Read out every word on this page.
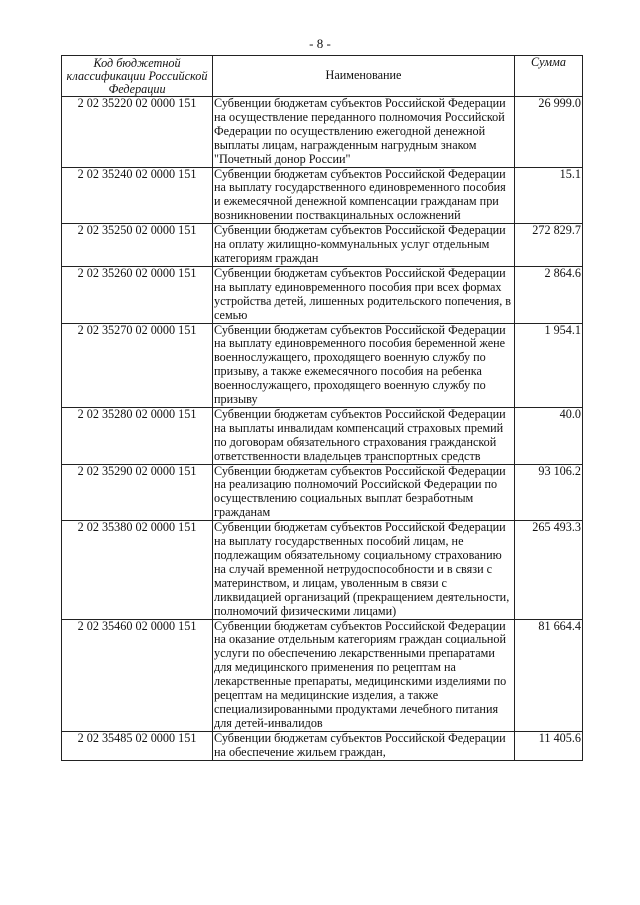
- 8 -
Код бюджетной классификации Российской Федерации	Наименование	Сумма
2 02 35220 02 0000 151	Субвенции бюджетам субъектов Российской Федерации на осуществление переданного полномочия Российской Федерации по осуществлению ежегодной денежной выплаты лицам, награжденным нагрудным знаком "Почетный донор России"	26 999.0
2 02 35240 02 0000 151	Субвенции бюджетам субъектов Российской Федерации на выплату государственного единовременного пособия и ежемесячной денежной компенсации гражданам при возникновении поствакцинальных осложнений	15.1
2 02 35250 02 0000 151	Субвенции бюджетам субъектов Российской Федерации на оплату жилищно-коммунальных услуг отдельным категориям граждан	272 829.7
2 02 35260 02 0000 151	Субвенции бюджетам субъектов Российской Федерации на выплату единовременного пособия при всех формах устройства детей, лишенных родительского попечения, в семью	2 864.6
2 02 35270 02 0000 151	Субвенции бюджетам субъектов Российской Федерации на выплату единовременного пособия беременной жене военнослужащего, проходящего военную службу по призыву, а также ежемесячного пособия на ребенка военнослужащего, проходящего военную службу по призыву	1 954.1
2 02 35280 02 0000 151	Субвенции бюджетам субъектов Российской Федерации на выплаты инвалидам компенсаций страховых премий по договорам обязательного страхования гражданской ответственности владельцев транспортных средств	40.0
2 02 35290 02 0000 151	Субвенции бюджетам субъектов Российской Федерации на реализацию полномочий Российской Федерации по осуществлению социальных выплат безработным гражданам	93 106.2
2 02 35380 02 0000 151	Субвенции бюджетам субъектов Российской Федерации на выплату государственных пособий лицам, не подлежащим обязательному социальному страхованию на случай временной нетрудоспособности и в связи с материнством, и лицам, уволенным в связи с ликвидацией организаций (прекращением деятельности, полномочий физическими лицами)	265 493.3
2 02 35460 02 0000 151	Субвенции бюджетам субъектов Российской Федерации на оказание отдельным категориям граждан социальной услуги по обеспечению лекарственными препаратами для медицинского применения по рецептам на лекарственные препараты, медицинскими изделиями по рецептам на медицинские изделия, а также специализированными продуктами лечебного питания для детей-инвалидов	81 664.4
2 02 35485 02 0000 151	Субвенции бюджетам субъектов Российской Федерации на обеспечение жильем граждан,	11 405.6
